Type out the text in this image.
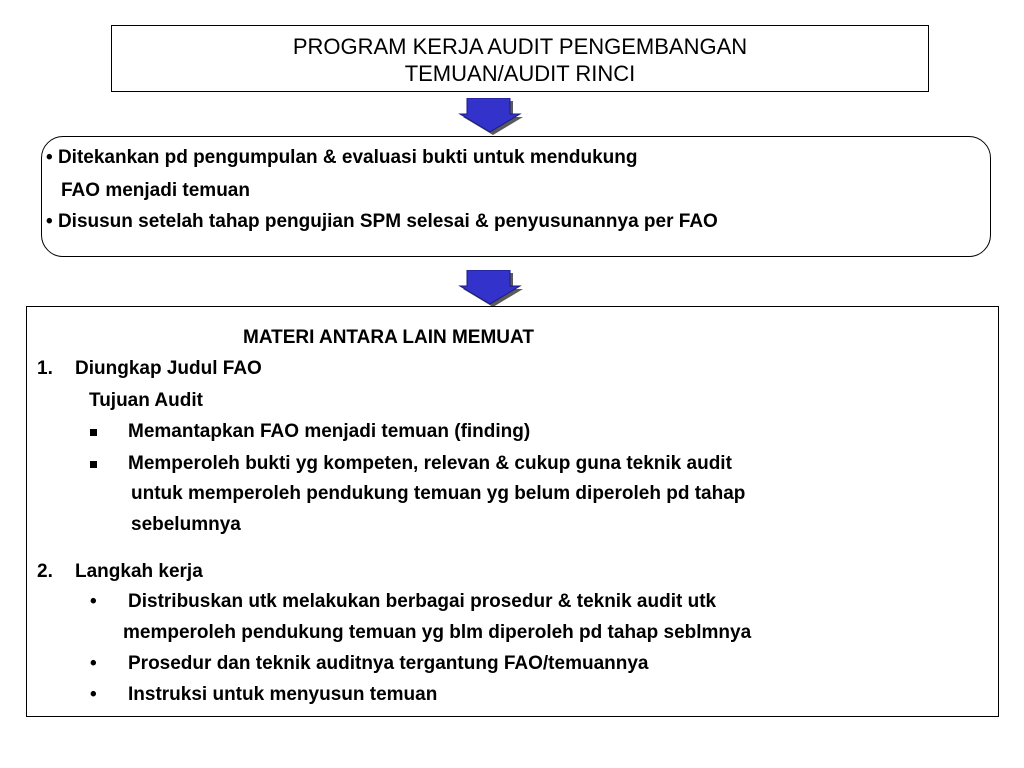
PROGRAM KERJA AUDIT PENGEMBANGAN
TEMUAN/AUDIT RINCI
• Ditekankan pd pengumpulan & evaluasi bukti untuk mendukung
FAO menjadi temuan
• Disusun setelah tahap pengujian SPM selesai & penyusunannya per FAO
MATERI ANTARA LAIN MEMUAT
1. Diungkap Judul FAO
Tujuan Audit
Memantapkan FAO menjadi temuan (finding)
Memperoleh bukti yg kompeten, relevan & cukup guna teknik audit
untuk memperoleh pendukung temuan yg belum diperoleh pd tahap
sebelumnya
2. Langkah kerja
• Distribuskan utk melakukan berbagai prosedur & teknik audit utk
memperoleh pendukung temuan yg blm diperoleh pd tahap seblmnya
• Prosedur dan teknik auditnya tergantung FAO/temuannya
• Instruksi untuk menyusun temuan
